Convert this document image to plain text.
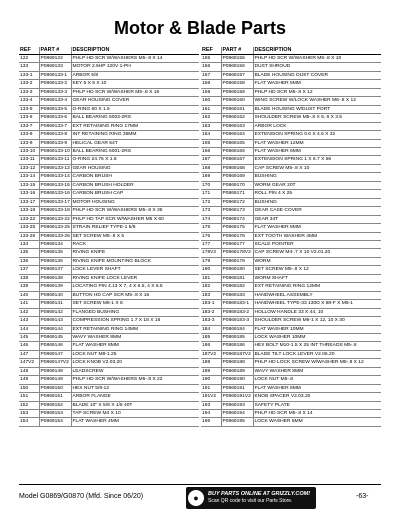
Motor & Blade Parts
REF	PART #	DESCRIPTION
122	P0869122	PHLP HD SCR W/WASHERS M5-.8 X 14
133	P0869133	MOTOR 2.5HP 120V 1-PH
133-1	P0869133-1	ARBOR 5/8
133-2	P0869133-2	KEY 5 X 5 X 10
133-3	P0869133-3	PHLP HD SCR W/WASHER M5-.8 X 16
133-4	P0869133-4	GEAR HOUSING COVER
133-5	P0869133-5	O-RING 60 X 1.5
133-6	P0869133-6	BALL BEARING 6003-2RS
133-7	P0869133-7	EXT RETAINING RING 17MM
133-8	P0869133-8	INT RETAINING RING 35MM
133-9	P0869133-9	HELICAL GEAR 54T
133-10	P0869133-10	BALL BEARING 6001-2RS
133-11	P0869133-11	O-RING 24.75 X 1.8
133-12	P0869133-12	GEAR HOUSING
133-14	P0869133-14	CARBON BRUSH
133-15	P0869133-15	CARBON BRUSH HOLDER
133-16	P0869133-16	CARBON BRUSH CAP
133-17	P0869133-17	MOTOR HOUSING
133-18	P0869133-18	PHLP HD SCR W/WASHERS M5-.8 X 35
133-22	P0869133-22	PHLP HD TAP SCR W/WASHER M5 X 60
133-25	P0869133-25	STRAIN RELIEF TYPE-1 5/8
133-26	P0869133-26	SET SCREW M5-.8 X 5
134	P0869134	RACK
135	P0869135	RIVING KNIFE
136	P0869136	RIVING KNIFE MOUNTING BLOCK
137	P0869137	LOCK LEVER SHAFT
138	P0869138	RIVING KNIFE LOCK LEVER
139	P0869139	LOCATING PIN 4.13 X 7, 4 X 6.5, 4 X 6.5
140	P0869140	BUTTON HD CAP SCR M5-.8 X 16
141	P0869141	SET SCREW M6-1 X 8
142	P0869142	FLANGED BUSHING
143	P0869143	COMPRESSION SPRING 1.7 X 18 X 16
144	P0869144	EXT RETAINING RING 14MM
145	P0869145	WAVY WASHER 8MM
146	P0869146	FLAT WASHER 8MM
147	P0869147	LOCK NUT M8-1.25
147V2	P0869147V2	LOCK KNOB V2.03.20
148	P0869148	LEADSCREW
149	P0869149	PHLP HD SCR W/WASHERS M5-.8 X 22
150	P0869150	HEX NUT 5/8-12
151	P0869151	ARBOR FLANGE
152	P0869152	BLADE 10" X 5/8 X 1/8 40T
153	P0869153	TAP SCREW M4 X 10
154	P0869154	FLAT WASHER 4MM
REF	PART #	DESCRIPTION
155	P0869155	PHLP HD SCR W/WASHER M5-.8 X 10
156	P0869156	DUST SHROUD
157	P0869157	BLADE HOUSING DUST COVER
158	P0869158	FLAT WASHER 5MM
159	P0869159	PHLP HD SCR M5-.8 X 12
160	P0869160	WING SCREW W/LOCK WASHER M6-.8 X 12
161	P0869161	BLADE HOUSING W/DUST PORT
162	P0869162	SHOULDER SCREW M5-.8 X 6, 6 X 3.5
163	P0869163	ARBOR LOCK
164	P0869164	EXTENSION SPRING 0.6 X 4.5 X 32
165	P0869165	FLAT WASHER 12MM
166	P0869166	FLAT WASHER 6MM
167	P0869167	EXTENSION SPRING 1 X 6.7 X 56
168	P0869168	CAP SCREW M5-.8 X 10
169	P0869169	BUSHING
170	P0869170	WORM GEAR 20T
171	P0869171	ROLL PIN 4 X 25
172	P0869172	BUSHING
173	P0869173	GEAR CASE COVER
174	P0869174	GEAR 34T
175	P0869175	FLAT WASHER 8MM
176	P0869176	EXT TOOTH WASHER 4MM
177	P0869177	SCALE POINTER
178V2	P0869178V2	CAP SCREW M4-.7 X 10 V2.01.20
179	P0869179	WORM
180	P0869180	SET SCREW M5-.8 X 12
181	P0869181	WORM SHAFT
182	P0869182	EXT RETAINING RING 12MM
183	P0869183	HANDWHEEL ASSEMBLY
183-1	P0869183-1	HANDWHEEL TYPE-33 130D X 88-F X M6-1
183-2	P0869183-2	HOLLOW HANDLE 33 X 44, 10
183-3	P0869183-3	SHOULDER SCREW M6-1 X 12, 10 X 30
184	P0869184	FLAT WASHER 10MM
185	P0869185	LOCK WASHER 10MM
186	P0869186	HEX BOLT M10-1.5 X 25 INT THREADS M5-.8
187V2	P0869187V2	BLADE TILT LOCK LEVER V2.06.20
188	P0869188	PHLP HD LOCK SCREW W/WASHER M5-.8 X 12
189	P0869189	WAVY WASHER 8MM
190	P0869190	LOCK NUT M5-.8
191	P0869191	FLAT WASHER 8MM
191V2	P0869191V2	KNOB SPACER V2.03.20
193	P0869193	SAFETY PLATE
194	P0869194	PHLP HD SCR M5-.8 X 14
195	P0869195	LOCK WASHER 5MM
Model G0869/G0870 (Mfd. Since 06/20)	●	BUY PARTS ONLINE AT GRIZZLY.COM!
Scan QR code to visit our Parts Store.
-63-
